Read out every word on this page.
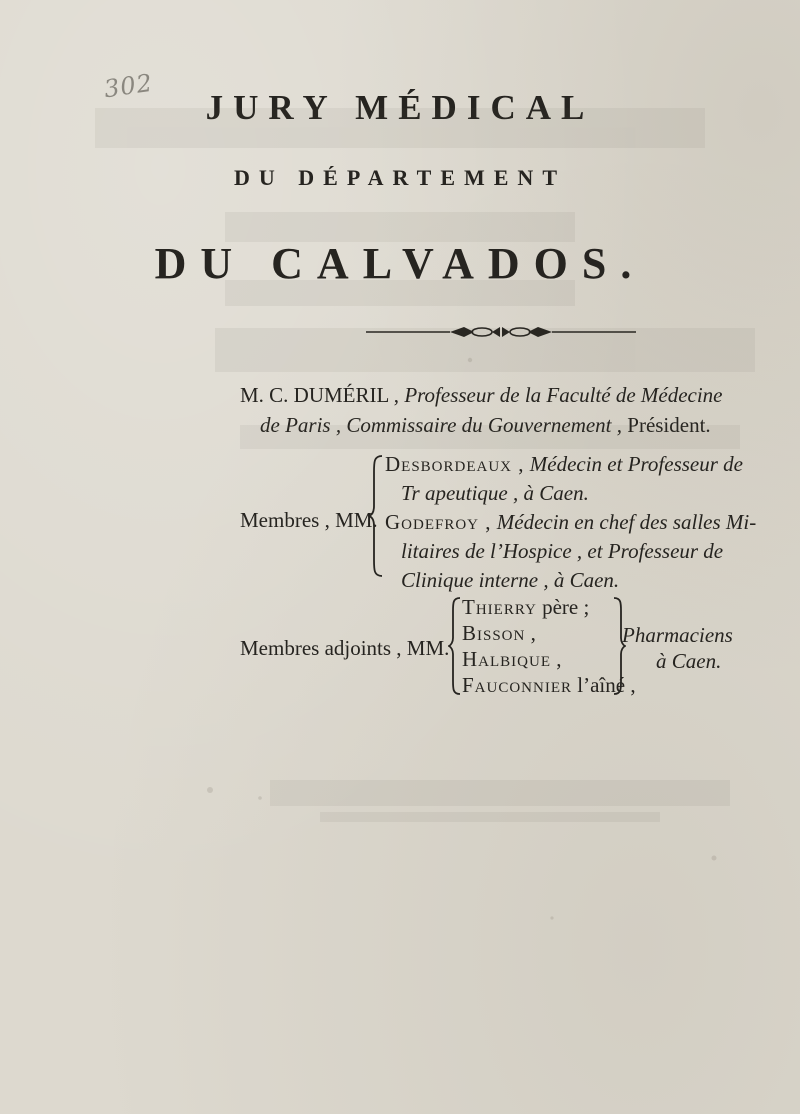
302
JURY MÉDICAL
DU DÉPARTEMENT
DU CALVADOS.
M. C. DUMÉRIL , Professeur de la Faculté de Médecine
de Paris , Commissaire du Gouvernement , Président.
Membres , MM.
Desbordeaux , Médecin et Professeur de
Tr apeutique , à Caen.
Godefroy , Médecin en chef des salles Mi-
litaires de l’Hospice , et Professeur de
Clinique interne , à Caen.
Membres adjoints , MM.
Thierry père ;
Bisson ,
Halbique ,
Fauconnier l’aîné ,
Pharmaciens
à Caen.
